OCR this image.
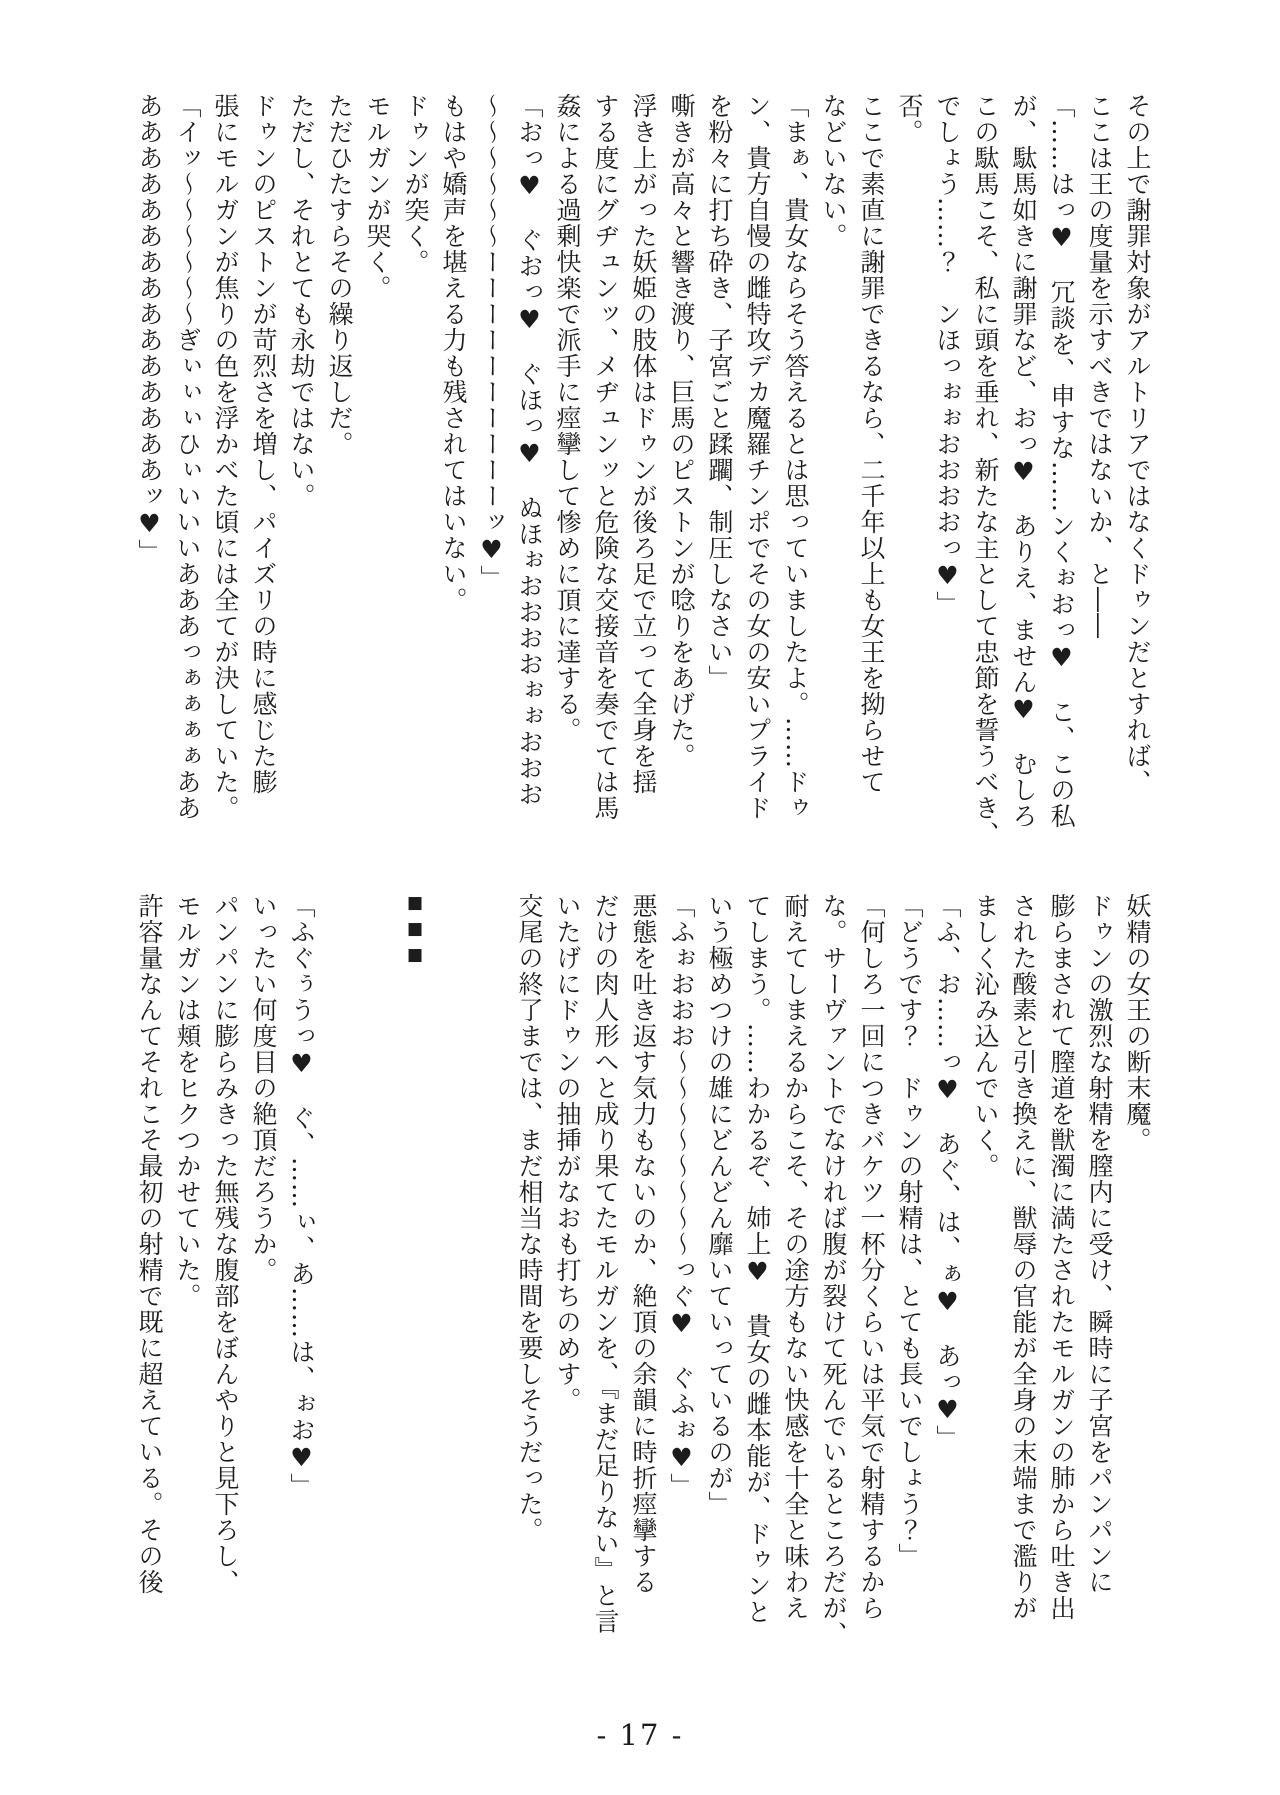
その上で謝罪対象がアルトリアではなくドゥンだとすれば、

ここは王の度量を示すべきではないか、と――

「……はっ♥　冗談を、申すな……ンくぉおっ♥　こ、この私

が、駄馬如きに謝罪など、おっ♥　ありえ、ません♥　むしろ

この駄馬こそ、私に頭を垂れ、新たな主として忠節を誓うべき、

でしょう……？　ンほっぉぉおおおおっ♥」

否。

ここで素直に謝罪できるなら、二千年以上も女王を拗らせて

などいない。

「まぁ、貴女ならそう答えるとは思っていましたよ。……ドゥ

ン、貴方自慢の雌特攻デカ魔羅チンポでその女の安いプライド

を粉々に打ち砕き、子宮ごと蹂躙、制圧しなさい」

嘶きが高々と響き渡り、巨馬のピストンが唸りをあげた。

浮き上がった妖姫の肢体はドゥンが後ろ足で立って全身を揺

する度にグヂュンッ、メヂュンッと危険な交接音を奏でては馬

姦による過剰快楽で派手に痙攣して惨めに頂に達する。

「おっ♥　ぐおっ♥　ぐほっ♥　ぬほぉおおおおぉぉおおお

～～～～～～ーーーーーーーーーーッ♥」

もはや嬌声を堪える力も残されてはいない。

ドゥンが突く。

モルガンが哭く。

ただひたすらその繰り返しだ。

ただし、それとても永劫ではない。

ドゥンのピストンが苛烈さを増し、パイズリの時に感じた膨

張にモルガンが焦りの色を浮かべた頃には全てが決していた。

「イッ～～～～～～ぎぃぃぃひぃいいいあああっぁぁぁぁああ

あああああああああああああああッ♥」

妖精の女王の断末魔。

ドゥンの激烈な射精を膣内に受け、瞬時に子宮をパンパンに

膨らまされて膣道を獣濁に満たされたモルガンの肺から吐き出

された酸素と引き換えに、獣辱の官能が全身の末端まで濫りが

ましく沁み込んでいく。

「ふ、お……っ♥　あぐ、は、ぁ♥　あっ♥」

「どうです？　ドゥンの射精は、とても長いでしょう？」

「何しろ一回につきバケツ一杯分くらいは平気で射精するから

な。サーヴァントでなければ腹が裂けて死んでいるところだが、

耐えてしまえるからこそ、その途方もない快感を十全と味わえ

てしまう。……わかるぞ、姉上♥　貴女の雌本能が、ドゥンと

いう極めつけの雄にどんどん靡いていっているのが」

「ふぉおおお～～～～～～～～っぐ♥　ぐふぉ♥」

悪態を吐き返す気力もないのか、絶頂の余韻に時折痙攣する

だけの肉人形へと成り果てたモルガンを、『まだ足りない』と言

いたげにドゥンの抽挿がなおも打ちのめす。

交尾の終了までは、まだ相当な時間を要しそうだった。

■■■

「ふぐぅうっ♥　ぐ、……ぃ、あ……は、ぉお♥」

いったい何度目の絶頂だろうか。

パンパンに膨らみきった無残な腹部をぼんやりと見下ろし、

モルガンは頬をヒクつかせていた。

許容量なんてそれこそ最初の射精で既に超えている。その後

- 17 -
